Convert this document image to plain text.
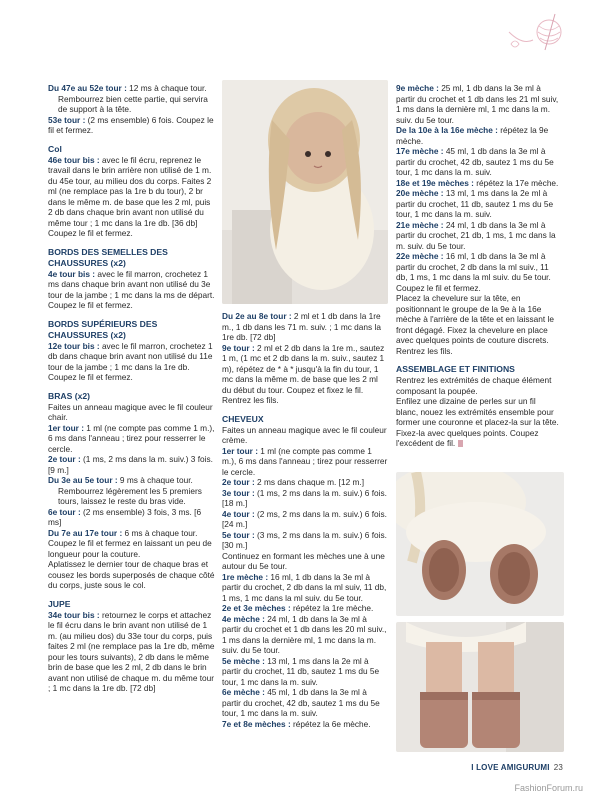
Du 47e au 52e tour : 12 ms à chaque tour.

Rembourrez bien cette partie, qui servira de support à la tête.

53e tour : (2 ms ensemble) 6 fois. Coupez le fil et fermez.

Col

46e tour bis : avec le fil écru, reprenez le travail dans le brin arrière non utilisé de 1 m. du 45e tour, au milieu dos du corps. Faites 2 ml (ne remplace pas la 1re b du tour), 2 br dans le même m. de base que les 2 ml, puis 2 db dans chaque brin avant non utilisé du même tour ; 1 mc dans la 1re db. [36 db]

Coupez le fil et fermez.

BORDS DES SEMELLES DES CHAUSSURES (x2)

4e tour bis : avec le fil marron, crochetez 1 ms dans chaque brin avant non utilisé du 3e tour de la jambe ; 1 mc dans la ms de départ. Coupez le fil et fermez.

BORDS SUPÉRIEURS DES CHAUSSURES (x2)

12e tour bis : avec le fil marron, crochetez 1 db dans chaque brin avant non utilisé du 11e tour de la jambe ; 1 mc dans la 1re db. Coupez le fil et fermez.

BRAS (x2)

Faites un anneau magique avec le fil couleur chair.

1er tour : 1 ml (ne compte pas comme 1 m.), 6 ms dans l'anneau ; tirez pour resserrer le cercle.

2e tour : (1 ms, 2 ms dans la m. suiv.) 3 fois. [9 m.]

Du 3e au 5e tour : 9 ms à chaque tour.

Rembourrez légèrement les 5 premiers tours, laissez le reste du bras vide.

6e tour : (2 ms ensemble) 3 fois, 3 ms. [6 ms]

Du 7e au 17e tour : 6 ms à chaque tour.

Coupez le fil et fermez en laissant un peu de longueur pour la couture.

Aplatissez le dernier tour de chaque bras et cousez les bords superposés de chaque côté du corps, juste sous le col.

JUPE

34e tour bis : retournez le corps et attachez le fil écru dans le brin avant non utilisé de 1 m. (au milieu dos) du 33e tour du corps, puis faites 2 ml (ne remplace pas la 1re db, même pour les tours suivants), 2 db dans le même brin de base que les 2 ml, 2 db dans le brin avant non utilisé de chaque m. du même tour ; 1 mc dans la 1re db. [72 db]

Du 2e au 8e tour : 2 ml et 1 db dans la 1re m., 1 db dans les 71 m. suiv. ; 1 mc dans la 1re db. [72 db]

9e tour : 2 ml et 2 db dans la 1re m., sautez 1 m, (1 mc et 2 db dans la m. suiv., sautez 1 m), répétez de * à * jusqu'à la fin du tour, 1 mc dans la même m. de base que les 2 ml du début du tour. Coupez et fixez le fil. Rentrez les fils.

CHEVEUX

Faites un anneau magique avec le fil couleur crème.

1er tour : 1 ml (ne compte pas comme 1 m.), 6 ms dans l'anneau ; tirez pour resserrer le cercle.

2e tour : 2 ms dans chaque m. [12 m.]

3e tour : (1 ms, 2 ms dans la m. suiv.) 6 fois. [18 m.]

4e tour : (2 ms, 2 ms dans la m. suiv.) 6 fois. [24 m.]

5e tour : (3 ms, 2 ms dans la m. suiv.) 6 fois. [30 m.]

Continuez en formant les mèches une à une autour du 5e tour.

1re mèche : 16 ml, 1 db dans la 3e ml à partir du crochet, 2 db dans la ml suiv, 11 db, 1 ms, 1 mc dans la ml suiv. du 5e tour.

2e et 3e mèches : répétez la 1re mèche.

4e mèche : 24 ml, 1 db dans la 3e ml à partir du crochet et 1 db dans les 20 ml suiv., 1 ms dans la dernière ml, 1 mc dans la m. suiv. du 5e tour.

5e mèche : 13 ml, 1 ms dans la 2e ml à partir du crochet, 11 db, sautez 1 ms du 5e tour, 1 mc dans la m. suiv.

6e mèche : 45 ml, 1 db dans la 3e ml à partir du crochet, 42 db, sautez 1 ms du 5e tour, 1 mc dans la m. suiv.

7e et 8e mèches : répétez la 6e mèche.

9e mèche : 25 ml, 1 db dans la 3e ml à partir du crochet et 1 db dans les 21 ml suiv, 1 ms dans la dernière ml, 1 mc dans la m. suiv. du 5e tour.

De la 10e à la 16e mèche : répétez la 9e mèche.

17e mèche : 45 ml, 1 db dans la 3e ml à partir du crochet, 42 db, sautez 1 ms du 5e tour, 1 mc dans la m. suiv.

18e et 19e mèches : répétez la 17e mèche.

20e mèche : 13 ml, 1 ms dans la 2e ml à partir du crochet, 11 db, sautez 1 ms du 5e tour, 1 mc dans la m. suiv.

21e mèche : 24 ml, 1 db dans la 3e ml à partir du crochet, 21 db, 1 ms, 1 mc dans la m. suiv. du 5e tour.

22e mèche : 16 ml, 1 db dans la 3e ml à partir du crochet, 2 db dans la ml suiv., 11 db, 1 ms, 1 mc dans la ml suiv. du 5e tour. Coupez le fil et fermez.

Placez la chevelure sur la tête, en positionnant le groupe de la 9e à la 16e mèche à l'arrière de la tête et en laissant le front dégagé. Fixez la chevelure en place avec quelques points de couture discrets. Rentrez les fils.

ASSEMBLAGE ET FINITIONS

Rentrez les extrémités de chaque élément composant la poupée.

Enfilez une dizaine de perles sur un fil blanc, nouez les extrémités ensemble pour former une couronne et placez-la sur la tête. Fixez-la avec quelques points. Coupez l'excédent de fil.

I LOVE AMIGURUMI 23
FashionForum.ru
